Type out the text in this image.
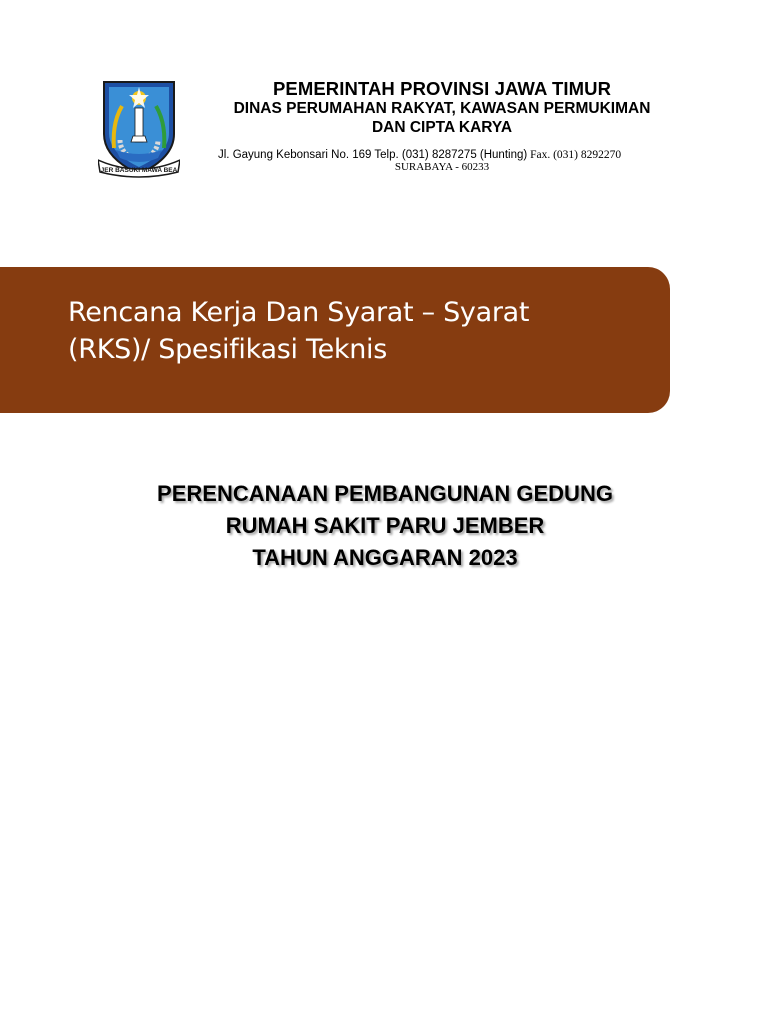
JER BASUKI MAWA BEA
PEMERINTAH PROVINSI JAWA TIMUR
DINAS PERUMAHAN RAKYAT, KAWASAN PERMUKIMAN
DAN CIPTA KARYA
Jl. Gayung Kebonsari No. 169 Telp. (031) 8287275 (Hunting) Fax. (031) 8292270
SURABAYA - 60233
Rencana Kerja Dan Syarat – Syarat
(RKS)/ Spesifikasi Teknis
PERENCANAAN PEMBANGUNAN GEDUNG
RUMAH SAKIT PARU JEMBER
TAHUN ANGGARAN 2023
